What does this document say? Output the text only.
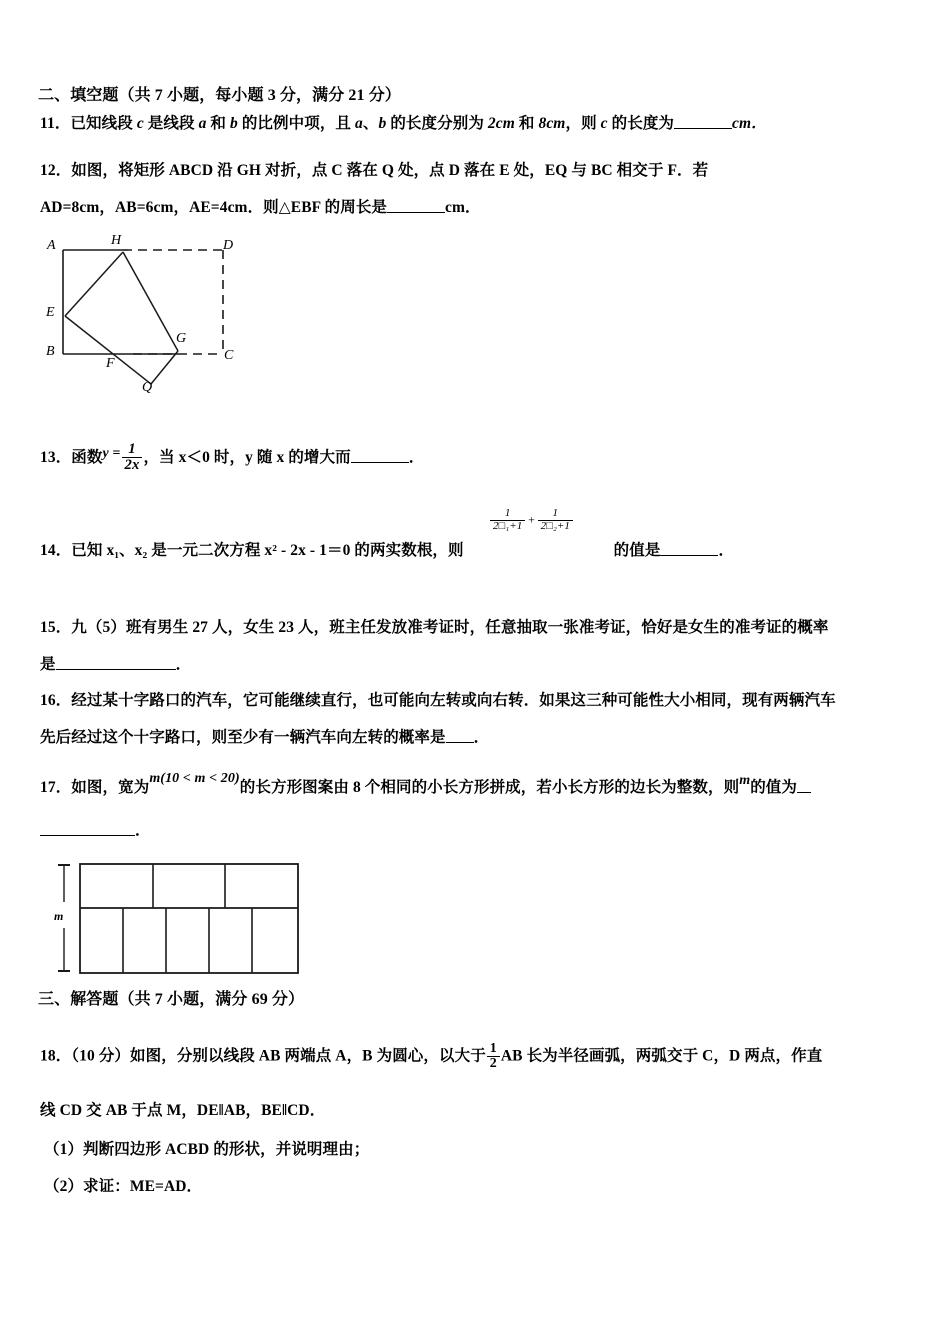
二、填空题（共 7 小题，每小题 3 分，满分 21 分）
11．已知线段 c 是线段 a 和 b 的比例中项，且 a、b 的长度分别为 2cm 和 8cm，则 c 的长度为	cm．
12．如图，将矩形 ABCD 沿 GH 对折，点 C 落在 Q 处，点 D 落在 E 处，EQ 与 BC 相交于 F．若
AD=8cm，AB=6cm，AE=4cm．则△EBF 的周长是	cm．
A	H	D
E
G
B
F
C
Q
13．函数$y = \frac{1}{2x}$ ，当 x＜0 时，y 随 x 的增大而	．
$\frac{1}{\text{2□₁+1}} + \frac{1}{\text{2□₂+1}}$
14．已知 x₁、x₂ 是一元二次方程 x² - 2x - 1＝0 的两实数根，则	的值是	．
15．九（5）班有男生 27 人，女生 23 人，班主任发放准考证时，任意抽取一张准考证，恰好是女生的准考证的概率
是	．
16．经过某十字路口的汽车，它可能继续直行，也可能向左转或向右转．如果这三种可能性大小相同，现有两辆汽车
先后经过这个十字路口，则至少有一辆汽车向左转的概率是 ．
17．如图，宽为m(10 < m < 20)的长方形图案由 8 个相同的小长方形拼成，若小长方形的边长为整数，则m的值为
．
m
三、解答题（共 7 小题，满分 69 分）
18．（10 分）如图，分别以线段 AB 两端点 A，B 为圆心，以大于 $\frac{1}{2}$ AB 长为半径画弧，两弧交于 C，D 两点，作直
线 CD 交 AB 于点 M，DE‖AB，BE‖CD．
（1）判断四边形 ACBD 的形状，并说明理由；
（2）求证：ME=AD．
